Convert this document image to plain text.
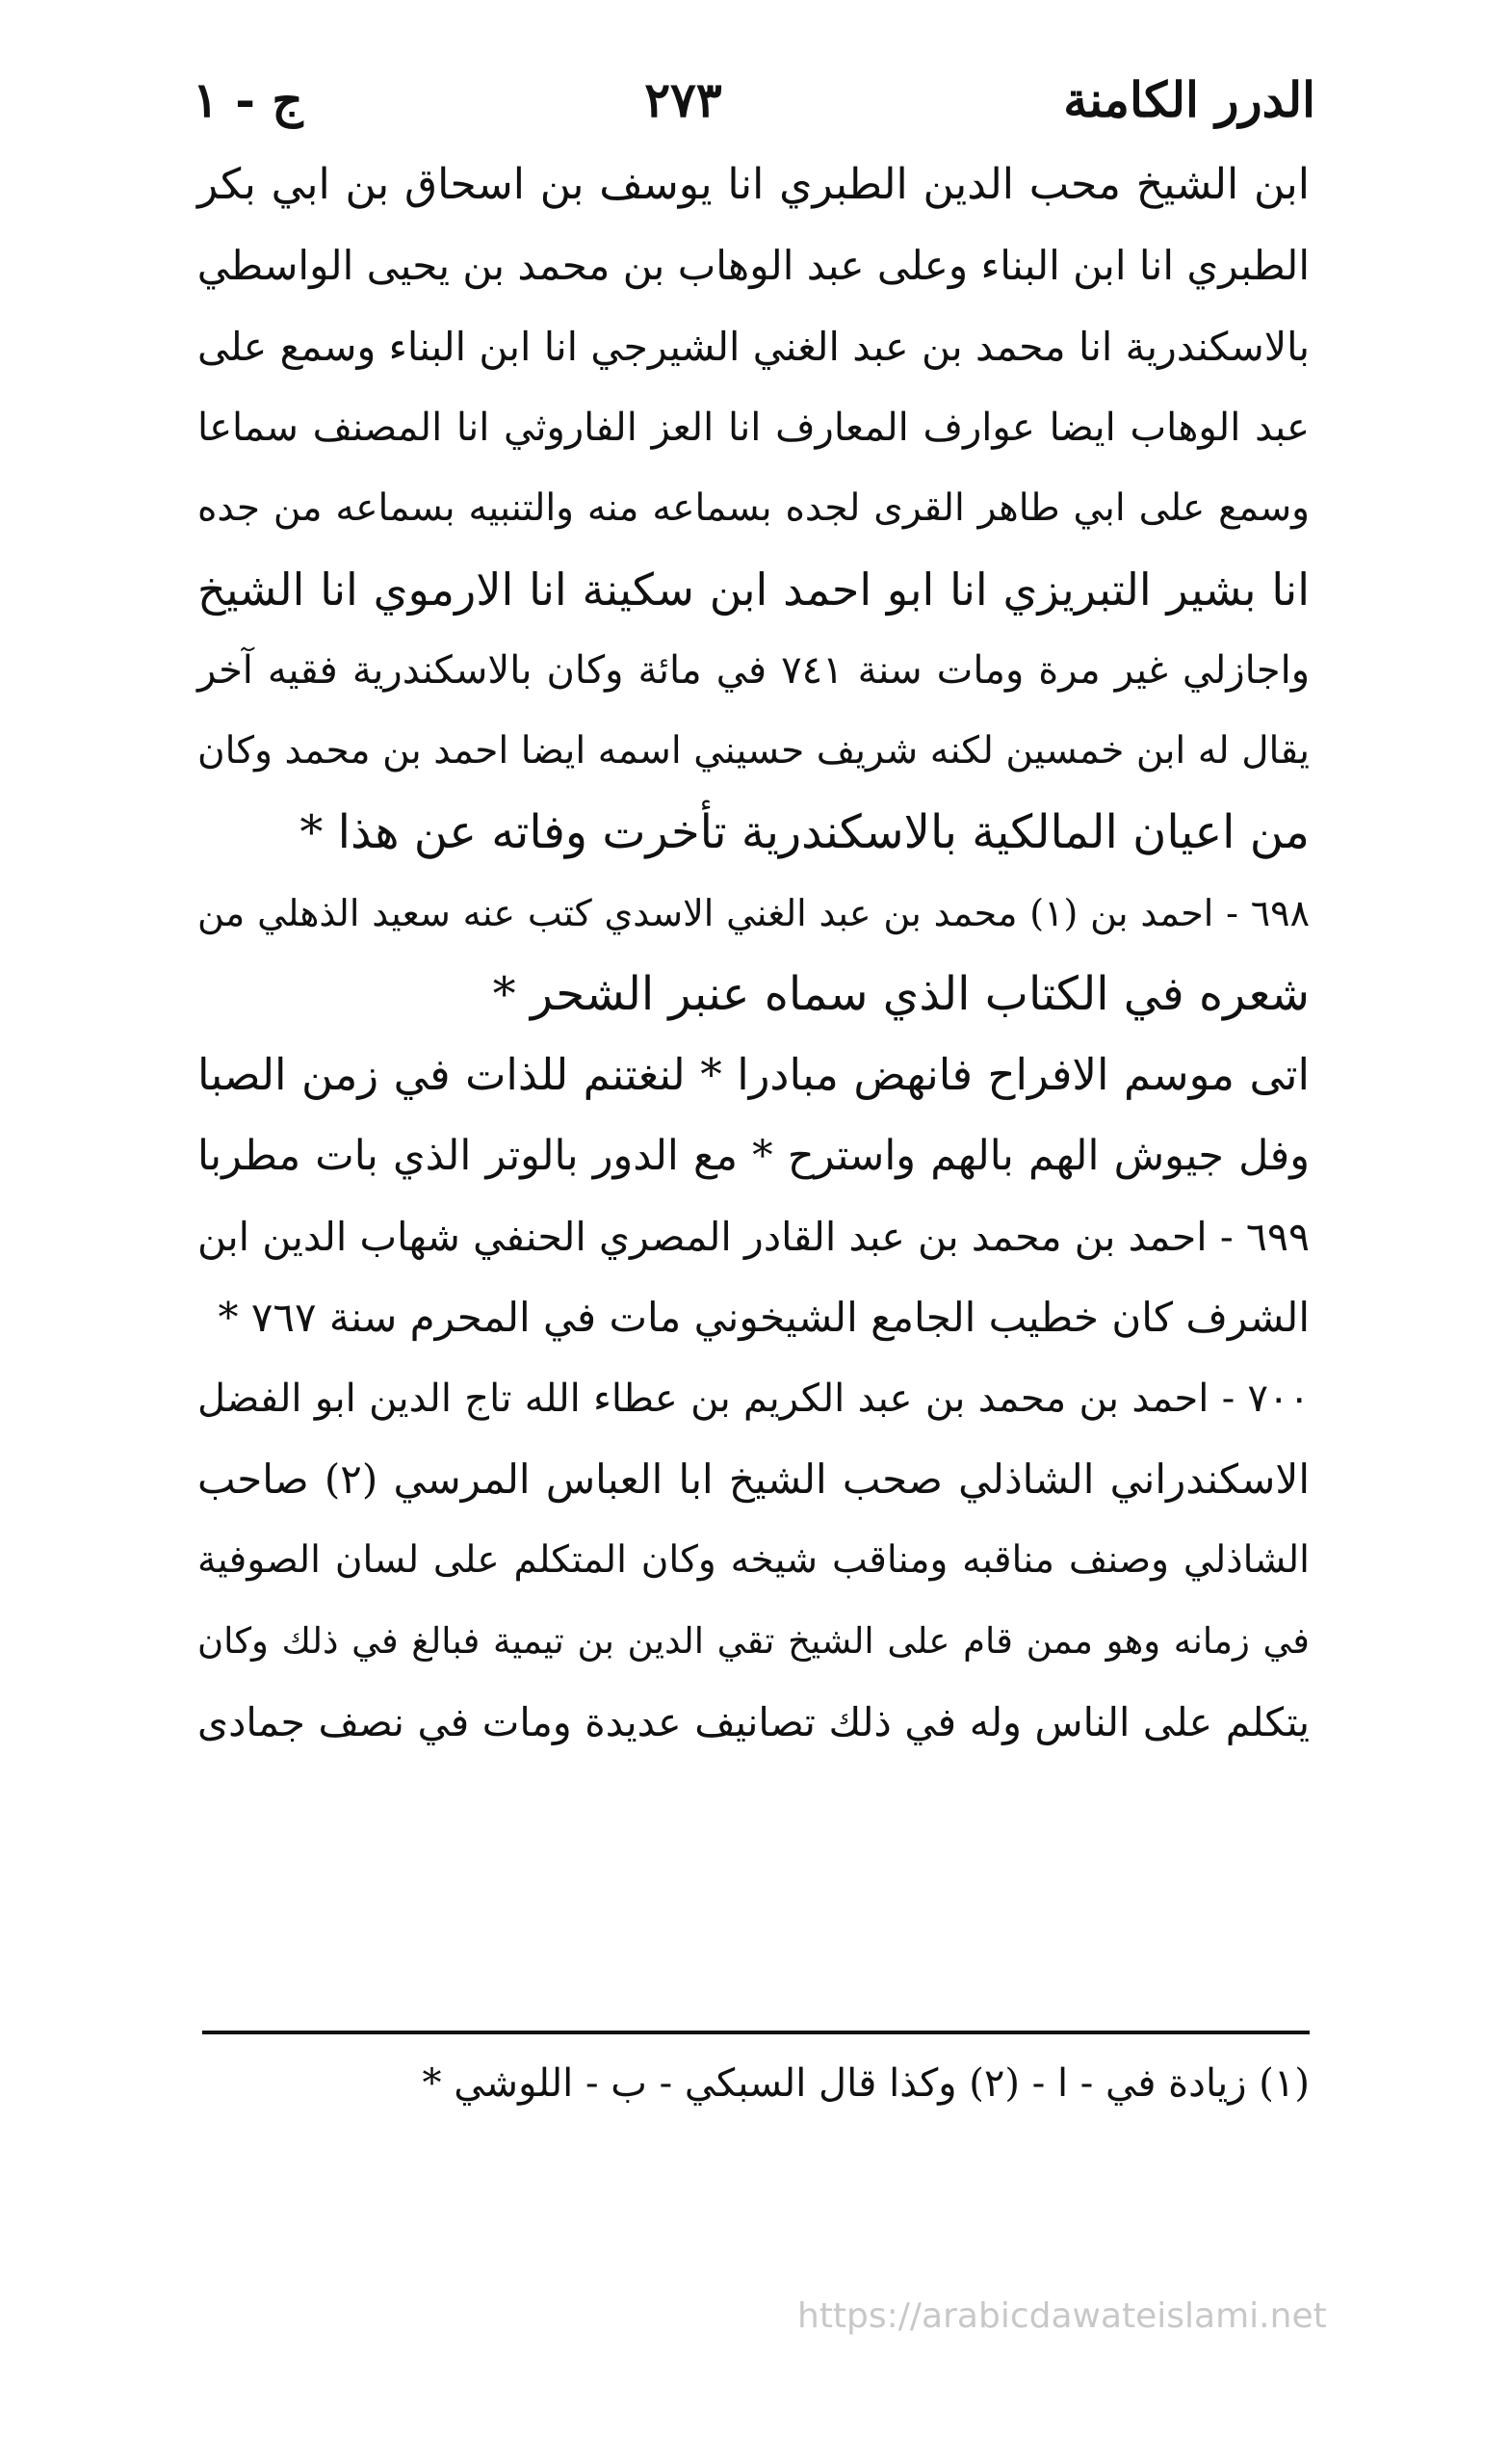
الدرر الكامنة
٢٧٣
ج - ١
ابن الشيخ محب الدين الطبري انا يوسف بن اسحاق بن ابي بكر
الطبري انا ابن البناء وعلى عبد الوهاب بن محمد بن يحيى الواسطي
بالاسكندرية انا محمد بن عبد الغني الشيرجي انا ابن البناء وسمع على
عبد الوهاب ايضا عوارف المعارف انا العز الفاروثي انا المصنف سماعا
وسمع على ابي طاهر القرى لجده بسماعه منه والتنبيه بسماعه من جده
انا بشير التبريزي انا ابو احمد ابن سكينة انا الارموي انا الشيخ
واجازلي غير مرة ومات سنة ٧٤١ في مائة وكان بالاسكندرية فقيه آخر
يقال له ابن خمسين لكنه شريف حسيني اسمه ايضا احمد بن محمد وكان
من اعيان المالكية بالاسكندرية تأخرت وفاته عن هذا *
٦٩٨ - احمد بن (١) محمد بن عبد الغني الاسدي كتب عنه سعيد الذهلي من
شعره في الكتاب الذي سماه عنبر الشحر *
اتى موسم الافراح فانهض مبادرا * لنغتنم للذات في زمن الصبا
وفل جيوش الهم بالهم واسترح * مع الدور بالوتر الذي بات مطربا
٦٩٩ - احمد بن محمد بن عبد القادر المصري الحنفي شهاب الدين ابن
الشرف كان خطيب الجامع الشيخوني مات في المحرم سنة ٧٦٧ *
٧٠٠ - احمد بن محمد بن عبد الكريم بن عطاء الله تاج الدين ابو الفضل
الاسكندراني الشاذلي صحب الشيخ ابا العباس المرسي (٢) صاحب
الشاذلي وصنف مناقبه ومناقب شيخه وكان المتكلم على لسان الصوفية
في زمانه وهو ممن قام على الشيخ تقي الدين بن تيمية فبالغ في ذلك وكان
يتكلم على الناس وله في ذلك تصانيف عديدة ومات في نصف جمادى
(١) زيادة في - ا - (٢) وكذا قال السبكي - ب - اللوشي *
https://arabicdawateislami.net
